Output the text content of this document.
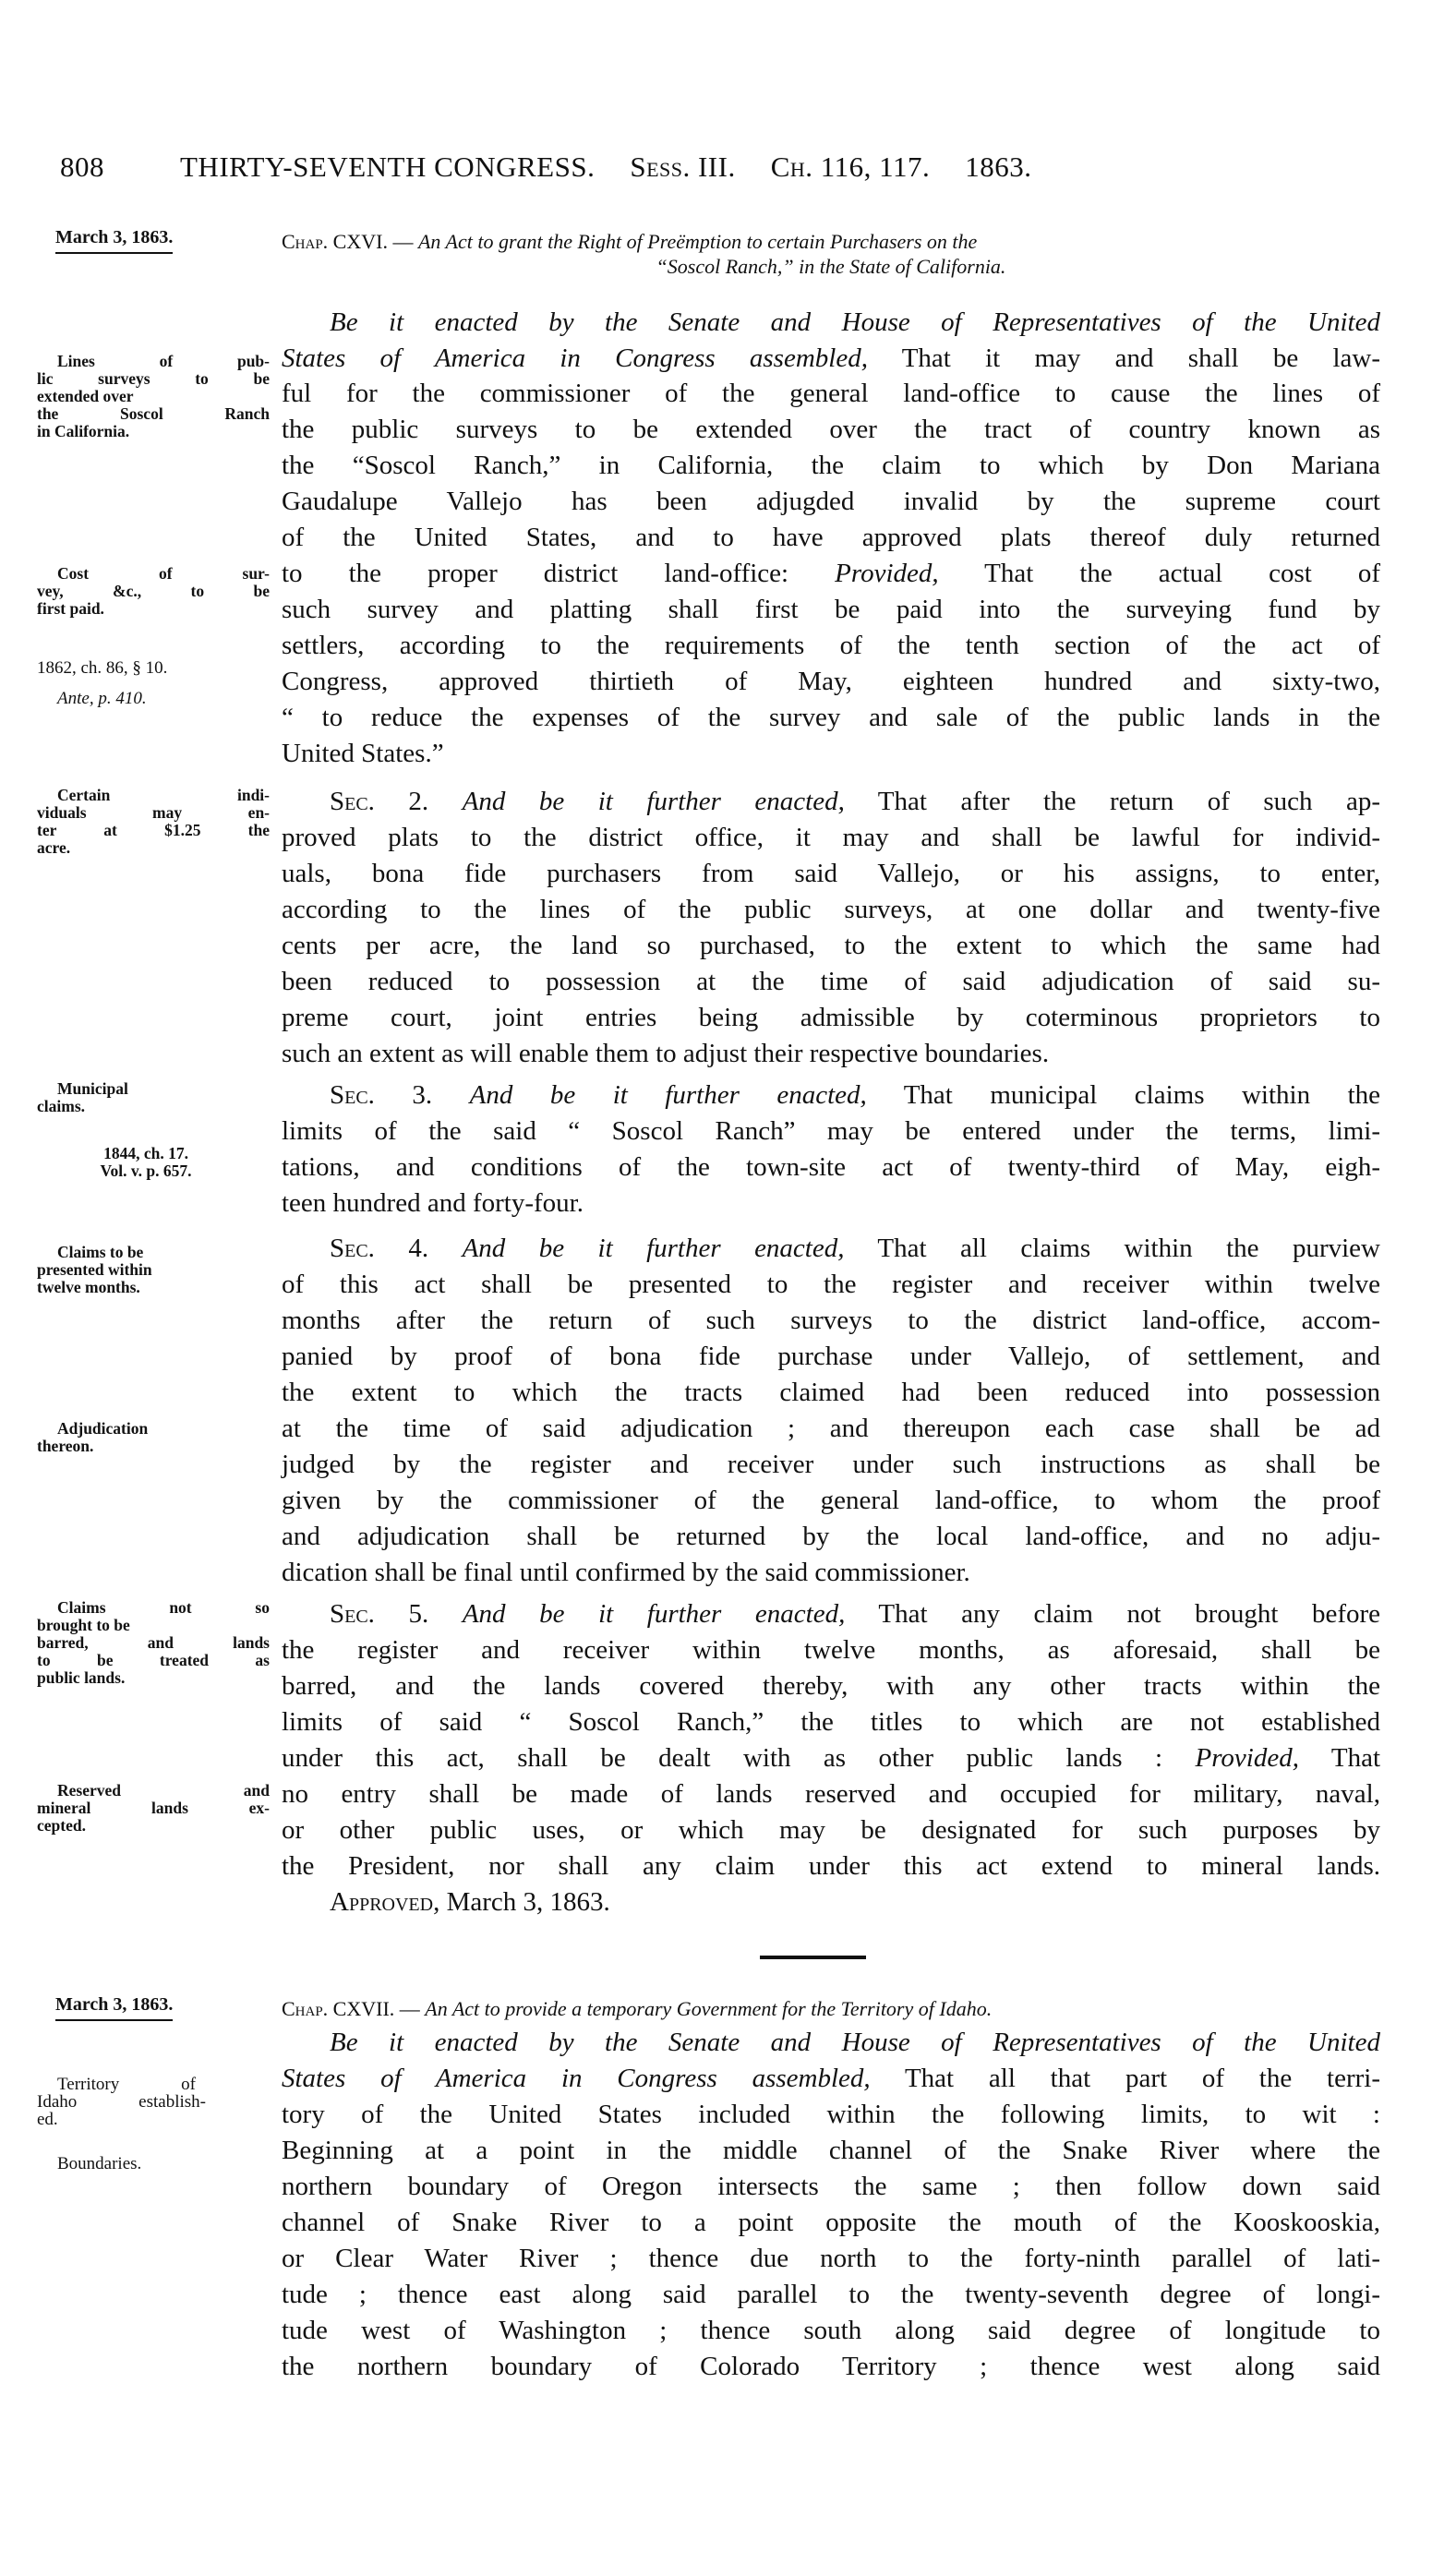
808	THIRTY-SEVENTH CONGRESS. Sess. III. Ch. 116, 117. 1863.
March 3, 1863.	Chap. CXVI. — An Act to grant the Right of Preëmption to certain Purchasers on the
“Soscol Ranch,” in the State of California.
Lines of pub-
lic surveys to be
extended over
the Soscol Ranch
in California.
Cost of sur-
vey, &c., to be
first paid.
1862, ch. 86, § 10.
Ante, p. 410.
Certain indi-
viduals may en-
ter at $1.25 the
acre.
Municipal
claims.
1844, ch. 17.
Vol. v. p. 657.
Claims to be
presented within
twelve months.
Adjudication
thereon.
Claims not so
brought to be
barred, and lands
to be treated as
public lands.
Reserved and
mineral lands ex-
cepted.
Be it enacted by the Senate and House of Representatives of the United
States of America in Congress assembled, That it may and shall be law-
ful for the commissioner of the general land-office to cause the lines of
the public surveys to be extended over the tract of country known as
the “Soscol Ranch,” in California, the claim to which by Don Mariana
Gaudalupe Vallejo has been adjugded invalid by the supreme court
of the United States, and to have approved plats thereof duly returned
to the proper district land-office: Provided, That the actual cost of
such survey and platting shall first be paid into the surveying fund by
settlers, according to the requirements of the tenth section of the act of
Congress, approved thirtieth of May, eighteen hundred and sixty-two,
“ to reduce the expenses of the survey and sale of the public lands in the
United States.”
Sec. 2. And be it further enacted, That after the return of such ap-
proved plats to the district office, it may and shall be lawful for individ-
uals, bona fide purchasers from said Vallejo, or his assigns, to enter,
according to the lines of the public surveys, at one dollar and twenty-five
cents per acre, the land so purchased, to the extent to which the same had
been reduced to possession at the time of said adjudication of said su-
preme court, joint entries being admissible by coterminous proprietors to
such an extent as will enable them to adjust their respective boundaries.
Sec. 3. And be it further enacted, That municipal claims within the
limits of the said “ Soscol Ranch” may be entered under the terms, limi-
tations, and conditions of the town-site act of twenty-third of May, eigh-
teen hundred and forty-four.
Sec. 4. And be it further enacted, That all claims within the purview
of this act shall be presented to the register and receiver within twelve
months after the return of such surveys to the district land-office, accom-
panied by proof of bona fide purchase under Vallejo, of settlement, and
the extent to which the tracts claimed had been reduced into possession
at the time of said adjudication ; and thereupon each case shall be ad
judged by the register and receiver under such instructions as shall be
given by the commissioner of the general land-office, to whom the proof
and adjudication shall be returned by the local land-office, and no adju-
dication shall be final until confirmed by the said commissioner.
Sec. 5. And be it further enacted, That any claim not brought before
the register and receiver within twelve months, as aforesaid, shall be
barred, and the lands covered thereby, with any other tracts within the
limits of said “ Soscol Ranch,” the titles to which are not established
under this act, shall be dealt with as other public lands : Provided, That
no entry shall be made of lands reserved and occupied for military, naval,
or other public uses, or which may be designated for such purposes by
the President, nor shall any claim under this act extend to mineral lands.
Approved, March 3, 1863.
March 3, 1863.	Chap. CXVII. — An Act to provide a temporary Government for the Territory of Idaho.
Territory of
Idaho establish-
ed.
Boundaries.
Be it enacted by the Senate and House of Representatives of the United
States of America in Congress assembled, That all that part of the terri-
tory of the United States included within the following limits, to wit :
Beginning at a point in the middle channel of the Snake River where the
northern boundary of Oregon intersects the same ; then follow down said
channel of Snake River to a point opposite the mouth of the Kooskooskia,
or Clear Water River ; thence due north to the forty-ninth parallel of lati-
tude ; thence east along said parallel to the twenty-seventh degree of longi-
tude west of Washington ; thence south along said degree of longitude to
the northern boundary of Colorado Territory ; thence west along said
